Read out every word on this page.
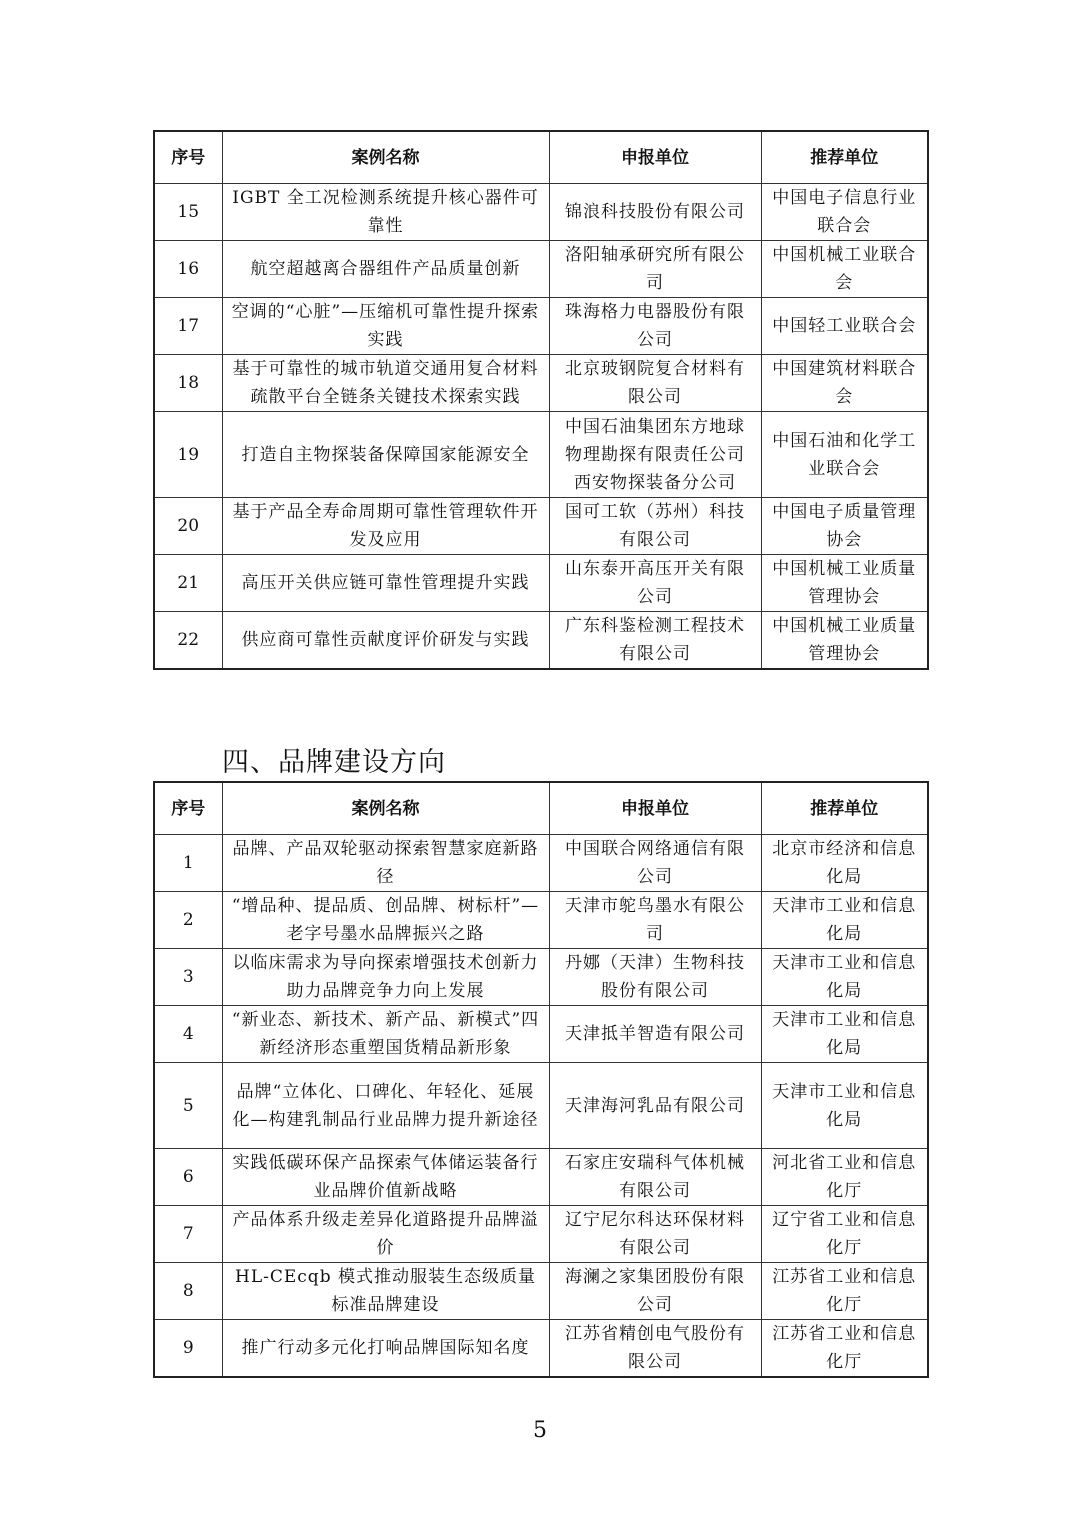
序号	案例名称	申报单位	推荐单位
15	IGBT 全工况检测系统提升核心器件可靠性	锦浪科技股份有限公司	中国电子信息行业联合会
16	航空超越离合器组件产品质量创新	洛阳轴承研究所有限公司	中国机械工业联合会
17	空调的“心脏”—压缩机可靠性提升探索实践	珠海格力电器股份有限公司	中国轻工业联合会
18	基于可靠性的城市轨道交通用复合材料疏散平台全链条关键技术探索实践	北京玻钢院复合材料有限公司	中国建筑材料联合会
19	打造自主物探装备保障国家能源安全	中国石油集团东方地球物理勘探有限责任公司西安物探装备分公司	中国石油和化学工业联合会
20	基于产品全寿命周期可靠性管理软件开发及应用	国可工软（苏州）科技有限公司	中国电子质量管理协会
21	高压开关供应链可靠性管理提升实践	山东泰开高压开关有限公司	中国机械工业质量管理协会
22	供应商可靠性贡献度评价研发与实践	广东科鉴检测工程技术有限公司	中国机械工业质量管理协会
四、品牌建设方向
序号	案例名称	申报单位	推荐单位
1	品牌、产品双轮驱动探索智慧家庭新路径	中国联合网络通信有限公司	北京市经济和信息化局
2	“增品种、提品质、创品牌、树标杆”—老字号墨水品牌振兴之路	天津市鸵鸟墨水有限公司	天津市工业和信息化局
3	以临床需求为导向探索增强技术创新力助力品牌竞争力向上发展	丹娜（天津）生物科技股份有限公司	天津市工业和信息化局
4	“新业态、新技术、新产品、新模式”四新经济形态重塑国货精品新形象	天津抵羊智造有限公司	天津市工业和信息化局
5	品牌“立体化、口碑化、年轻化、延展化—构建乳制品行业品牌力提升新途径	天津海河乳品有限公司	天津市工业和信息化局
6	实践低碳环保产品探索气体储运装备行业品牌价值新战略	石家庄安瑞科气体机械有限公司	河北省工业和信息化厅
7	产品体系升级走差异化道路提升品牌溢价	辽宁尼尔科达环保材料有限公司	辽宁省工业和信息化厅
8	HL-CEcqb 模式推动服装生态级质量标准品牌建设	海澜之家集团股份有限公司	江苏省工业和信息化厅
9	推广行动多元化打响品牌国际知名度	江苏省精创电气股份有限公司	江苏省工业和信息化厅
5
